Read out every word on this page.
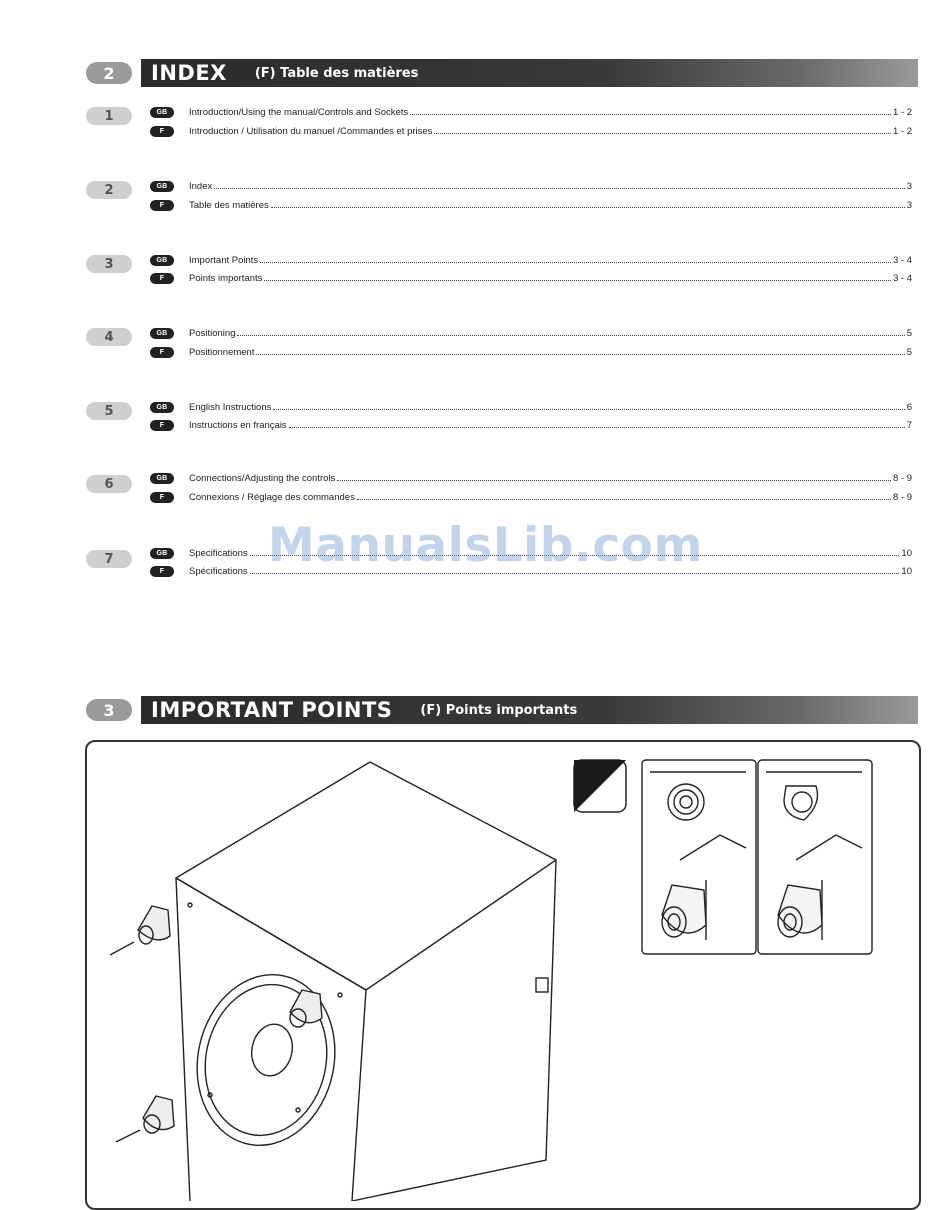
2	INDEX (F) Table des matières
1	GB	Introduction/Using the manual/Controls and Sockets	1 - 2
F	Introduction / Utilisation du manuel /Commandes et prises	1 - 2
2	GB	Index	3
F	Table des matières	3
3	GB	Important Points	3 - 4
F	Points importants	3 - 4
4	GB	Positioning	5
F	Positionnement	5
5	GB	English Instructions	6
F	Instructions en français	7
6	GB	Connections/Adjusting the controls	8 - 9
F	Connexions / Réglage des commandes	8 - 9
7	GB	Specifications	10
F	Spécifications	10
ManualsLib.com
3	IMPORTANT POINTS (F) Points importants
